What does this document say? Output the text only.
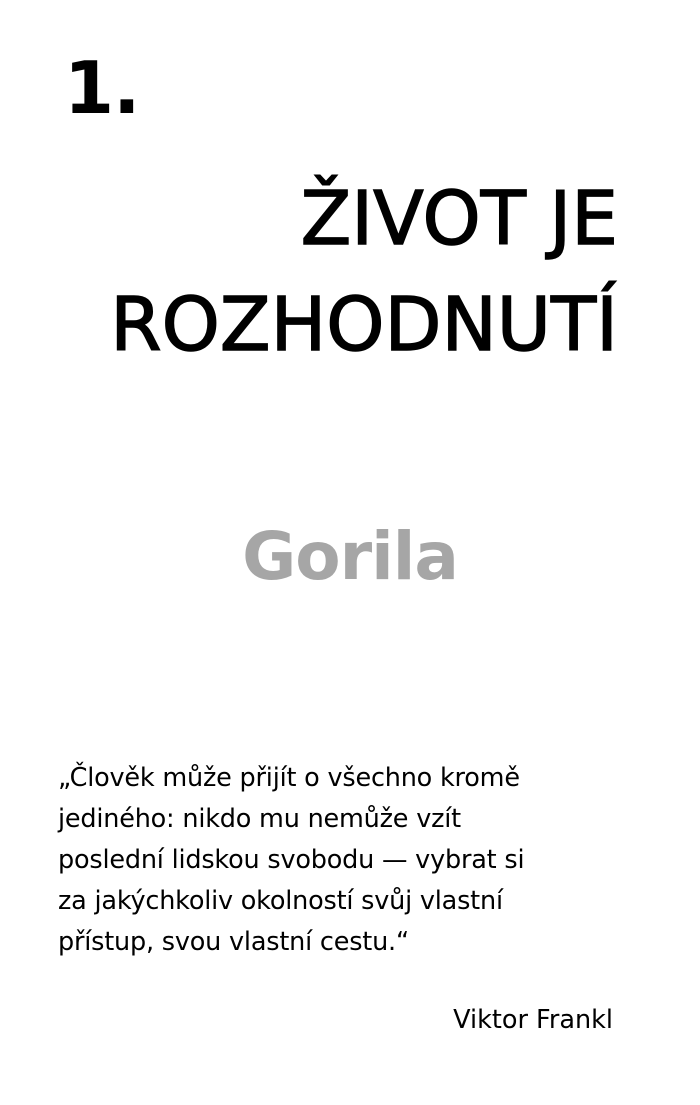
1.
ŽIVOT JE
ROZHODNUTÍ
Gorila
„Člověk může přijít o všechno kromě
jediného: nikdo mu nemůže vzít
poslední lidskou svobodu — vybrat si
za jakýchkoliv okolností svůj vlastní
přístup, svou vlastní cestu.“
Viktor Frankl
